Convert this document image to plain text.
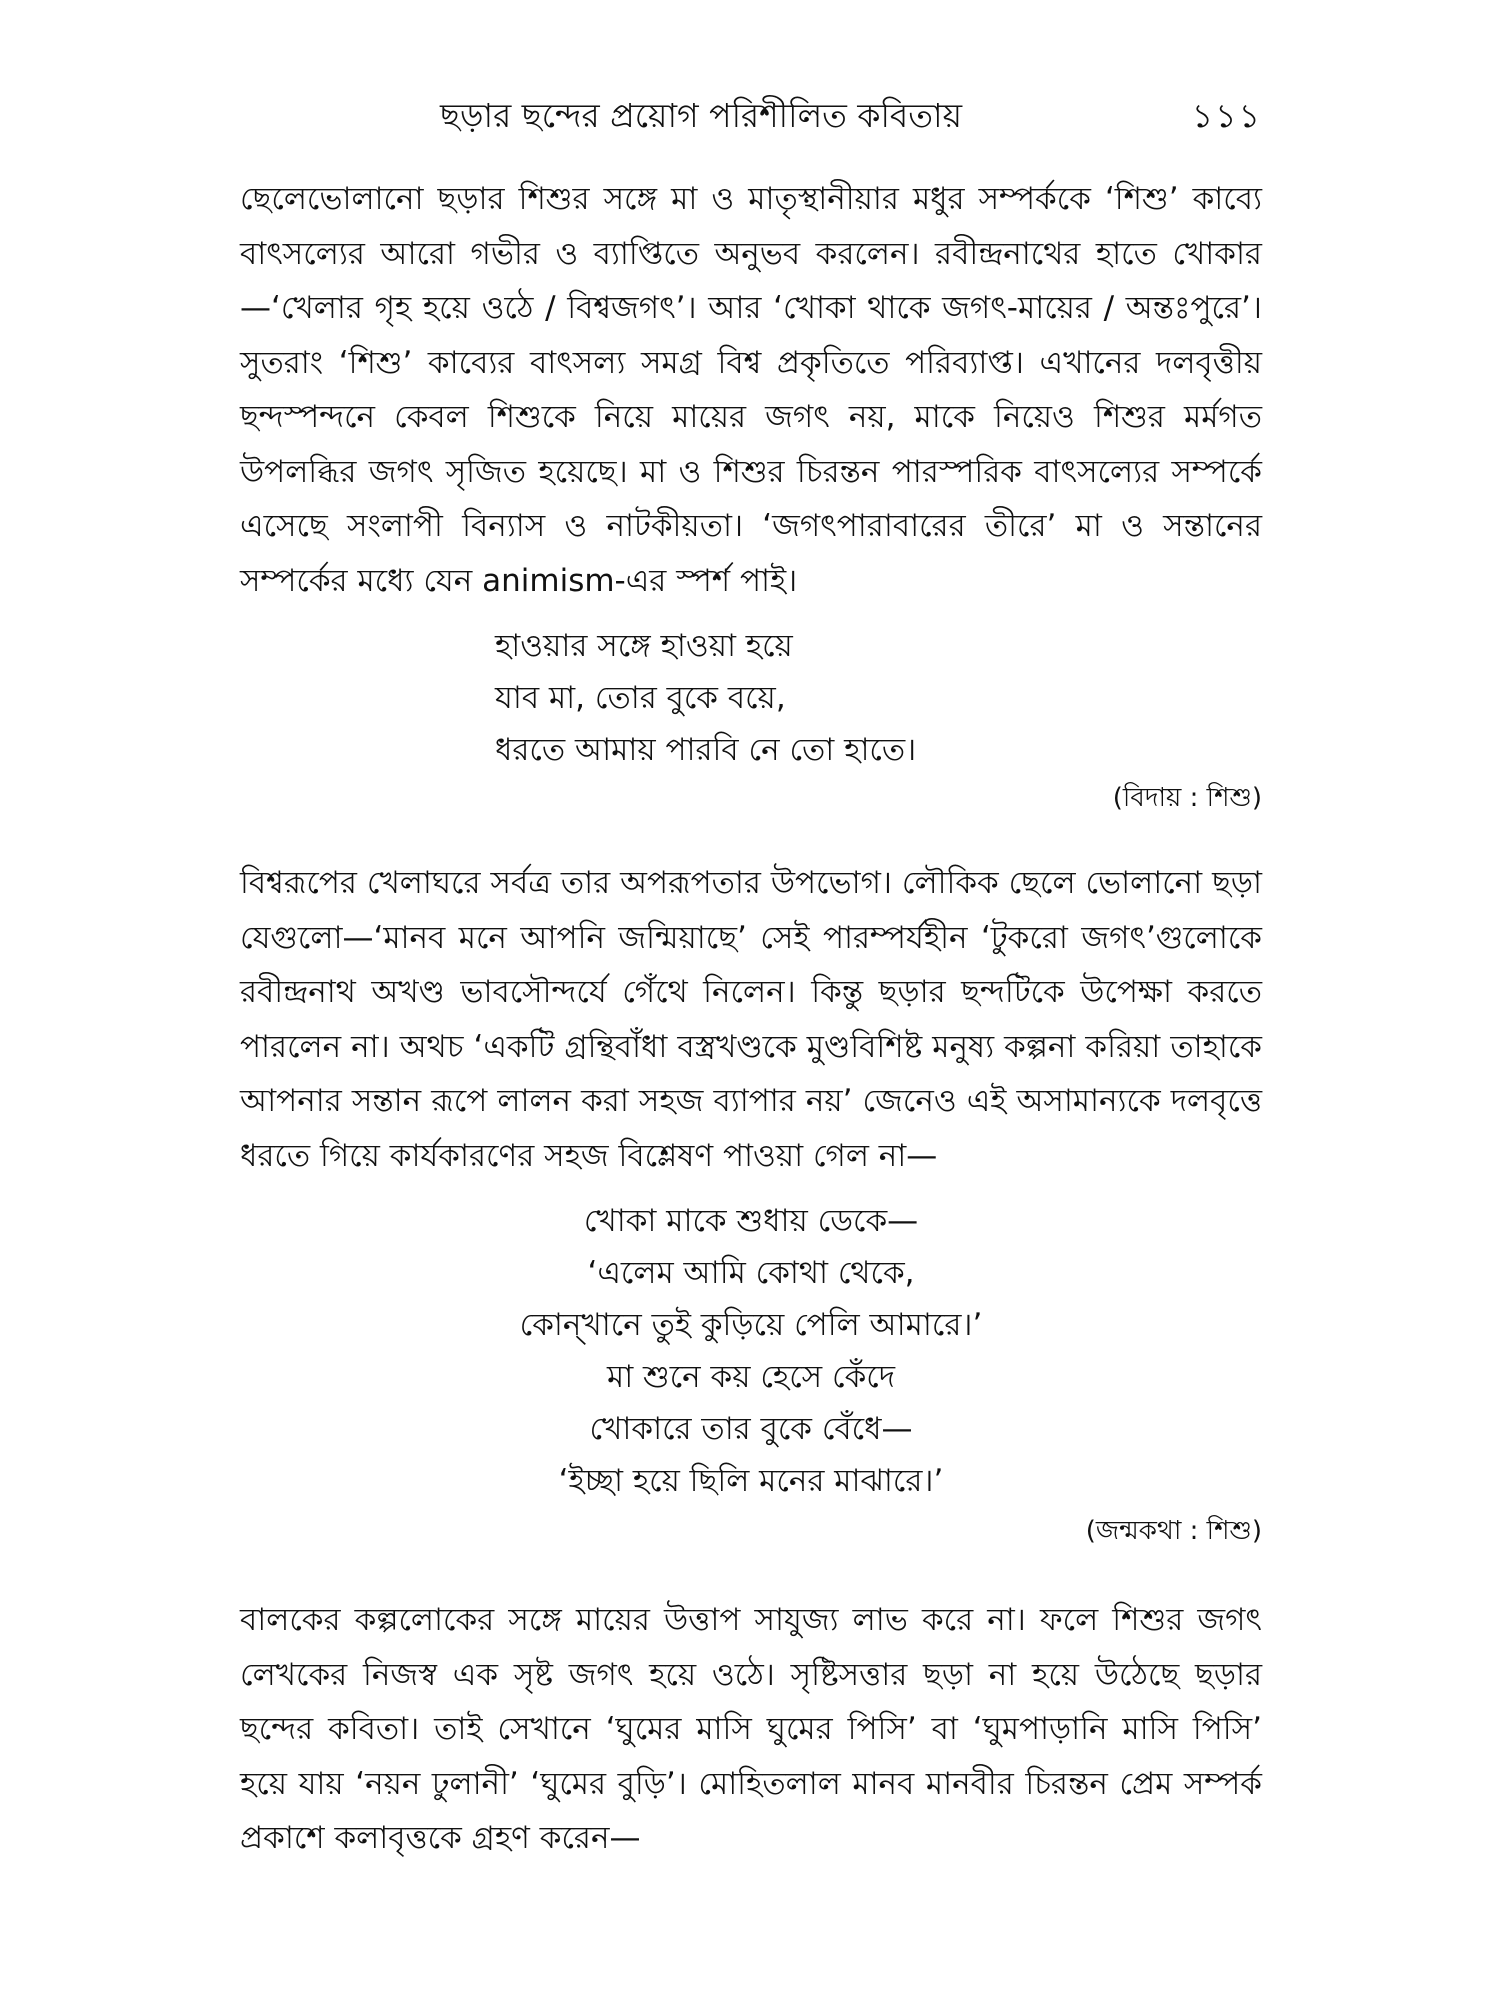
ছড়ার ছন্দের প্রয়োগ পরিশীলিত কবিতায়	১১১

ছেলেভোলানো ছড়ার শিশুর সঙ্গে মা ও মাতৃস্থানীয়ার মধুর সম্পর্ককে ‘শিশু’ কাব্যে বাৎসল্যের আরো গভীর ও ব্যাপ্তিতে অনুভব করলেন। রবীন্দ্রনাথের হাতে খোকার—‘খেলার গৃহ হয়ে ওঠে / বিশ্বজগৎ’। আর ‘খোকা থাকে জগৎ-মায়ের / অন্তঃপুরে’। সুতরাং ‘শিশু’ কাব্যের বাৎসল্য সমগ্র বিশ্ব প্রকৃতিতে পরিব্যাপ্ত। এখানের দলবৃত্তীয় ছন্দস্পন্দনে কেবল শিশুকে নিয়ে মায়ের জগৎ নয়, মাকে নিয়েও শিশুর মর্মগত উপলব্ধির জগৎ সৃজিত হয়েছে। মা ও শিশুর চিরন্তন পারস্পরিক বাৎসল্যের সম্পর্কে এসেছে সংলাপী বিন্যাস ও নাটকীয়তা। ‘জগৎপারাবারের তীরে’ মা ও সন্তানের সম্পর্কের মধ্যে যেন animism-এর স্পর্শ পাই।

হাওয়ার সঙ্গে হাওয়া হয়ে
যাব মা, তোর বুকে বয়ে,
ধরতে আমায় পারবি নে তো হাতে।

(বিদায় : শিশু)

বিশ্বরূপের খেলাঘরে সর্বত্র তার অপরূপতার উপভোগ। লৌকিক ছেলে ভোলানো ছড়া যেগুলো—‘মানব মনে আপনি জন্মিয়াছে’ সেই পারম্পর্যহীন ‘টুকরো জগৎ’গুলোকে রবীন্দ্রনাথ অখণ্ড ভাবসৌন্দর্যে গেঁথে নিলেন। কিন্তু ছড়ার ছন্দটিকে উপেক্ষা করতে পারলেন না। অথচ ‘একটি গ্রন্থিবাঁধা বস্ত্রখণ্ডকে মুণ্ডবিশিষ্ট মনুষ্য কল্পনা করিয়া তাহাকে আপনার সন্তান রূপে লালন করা সহজ ব্যাপার নয়’ জেনেও এই অসামান্যকে দলবৃত্তে ধরতে গিয়ে কার্যকারণের সহজ বিশ্লেষণ পাওয়া গেল না—

খোকা মাকে শুধায় ডেকে—
‘এলেম আমি কোথা থেকে,
কোন্‌খানে তুই কুড়িয়ে পেলি আমারে।’
মা শুনে কয় হেসে কেঁদে
খোকারে তার বুকে বেঁধে—
‘ইচ্ছা হয়ে ছিলি মনের মাঝারে।’

(জন্মকথা : শিশু)

বালকের কল্পলোকের সঙ্গে মায়ের উত্তাপ সাযুজ্য লাভ করে না। ফলে শিশুর জগৎ লেখকের নিজস্ব এক সৃষ্ট জগৎ হয়ে ওঠে। সৃষ্টিসত্তার ছড়া না হয়ে উঠেছে ছড়ার ছন্দের কবিতা। তাই সেখানে ‘ঘুমের মাসি ঘুমের পিসি’ বা ‘ঘুমপাড়ানি মাসি পিসি’ হয়ে যায় ‘নয়ন ঢুলানী’ ‘ঘুমের বুড়ি’। মোহিতলাল মানব মানবীর চিরন্তন প্রেম সম্পর্ক প্রকাশে কলাবৃত্তকে গ্রহণ করেন—
